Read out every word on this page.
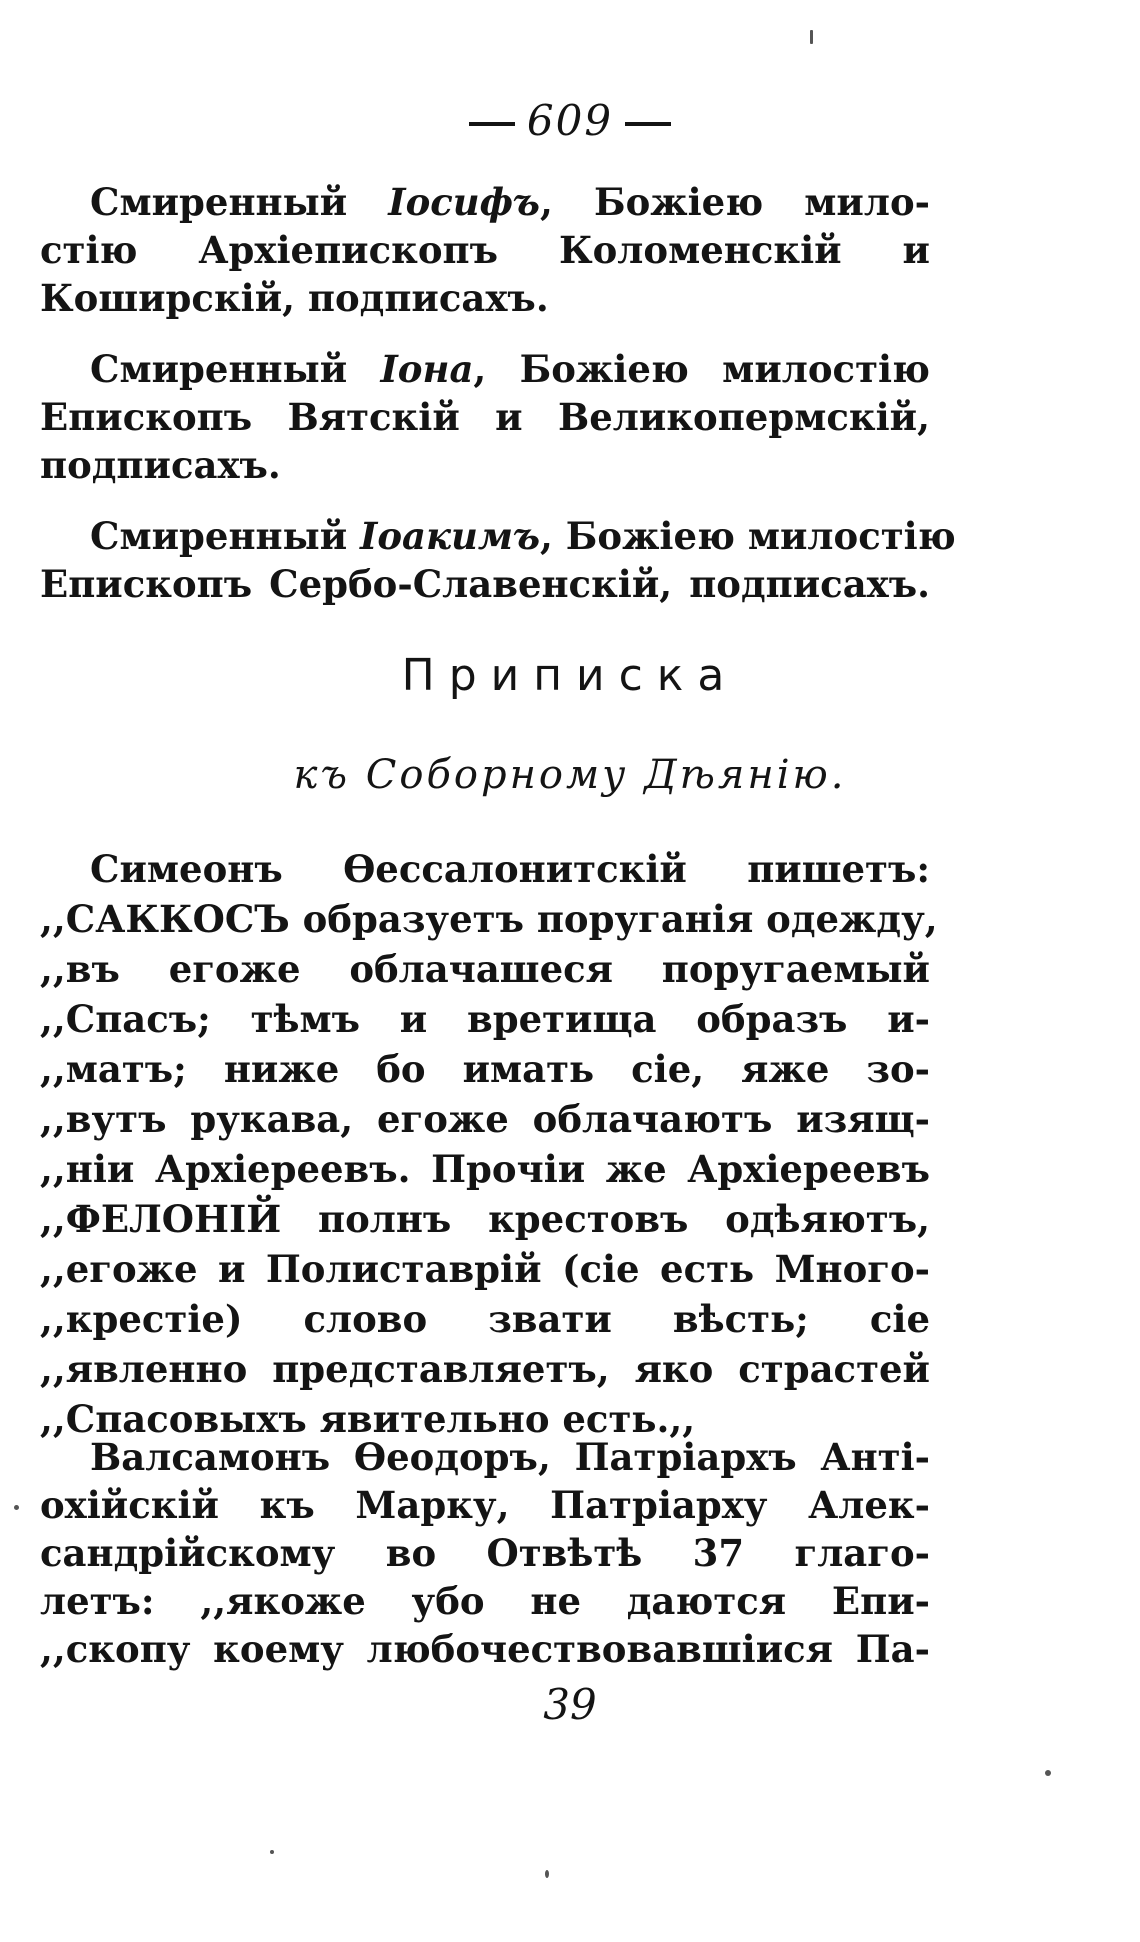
609
Смиренный Іосифъ, Божіею мило-
стію Архіепископъ Коломенскій и
Коширскій, подписахъ.
Смиренный Іона, Божіею милостію
Епископъ Вятскій и Великопермскій,
подписахъ.
Смиренный Іоакимъ, Божіею милостію
Епископъ Сербо-Славенскій, подписахъ.
Приписка
къ Соборному Дѣянію.
Симеонъ Ѳессалонитскій пишетъ:
,,САККОСЪ образуетъ поруганія одежду,
,,въ егоже облачашеся поругаемый
,,Спасъ; тѣмъ и вретища образъ и-
,,матъ; ниже бо имать сіе, яже зо-
,,вутъ рукава, егоже облачаютъ изящ-
,,ніи Архіереевъ. Прочіи же Архіереевъ
,,ФЕЛОНІЙ полнъ крестовъ одѣяютъ,
,,егоже и Полиставрій (сіе есть Много-
,,крестіе) слово звати вѣсть; сіе
,,явленно представляетъ, яко страстей
,,Спасовыхъ явительно есть.,,
Валсамонъ Ѳеодоръ, Патріархъ Анті-
охійскій къ Марку, Патріарху Алек-
сандрійскому во Отвѣтѣ 37 глаго-
летъ: ,,якоже убо не даются Епи-
,,скопу коему любочествовавшіися Па-
39
